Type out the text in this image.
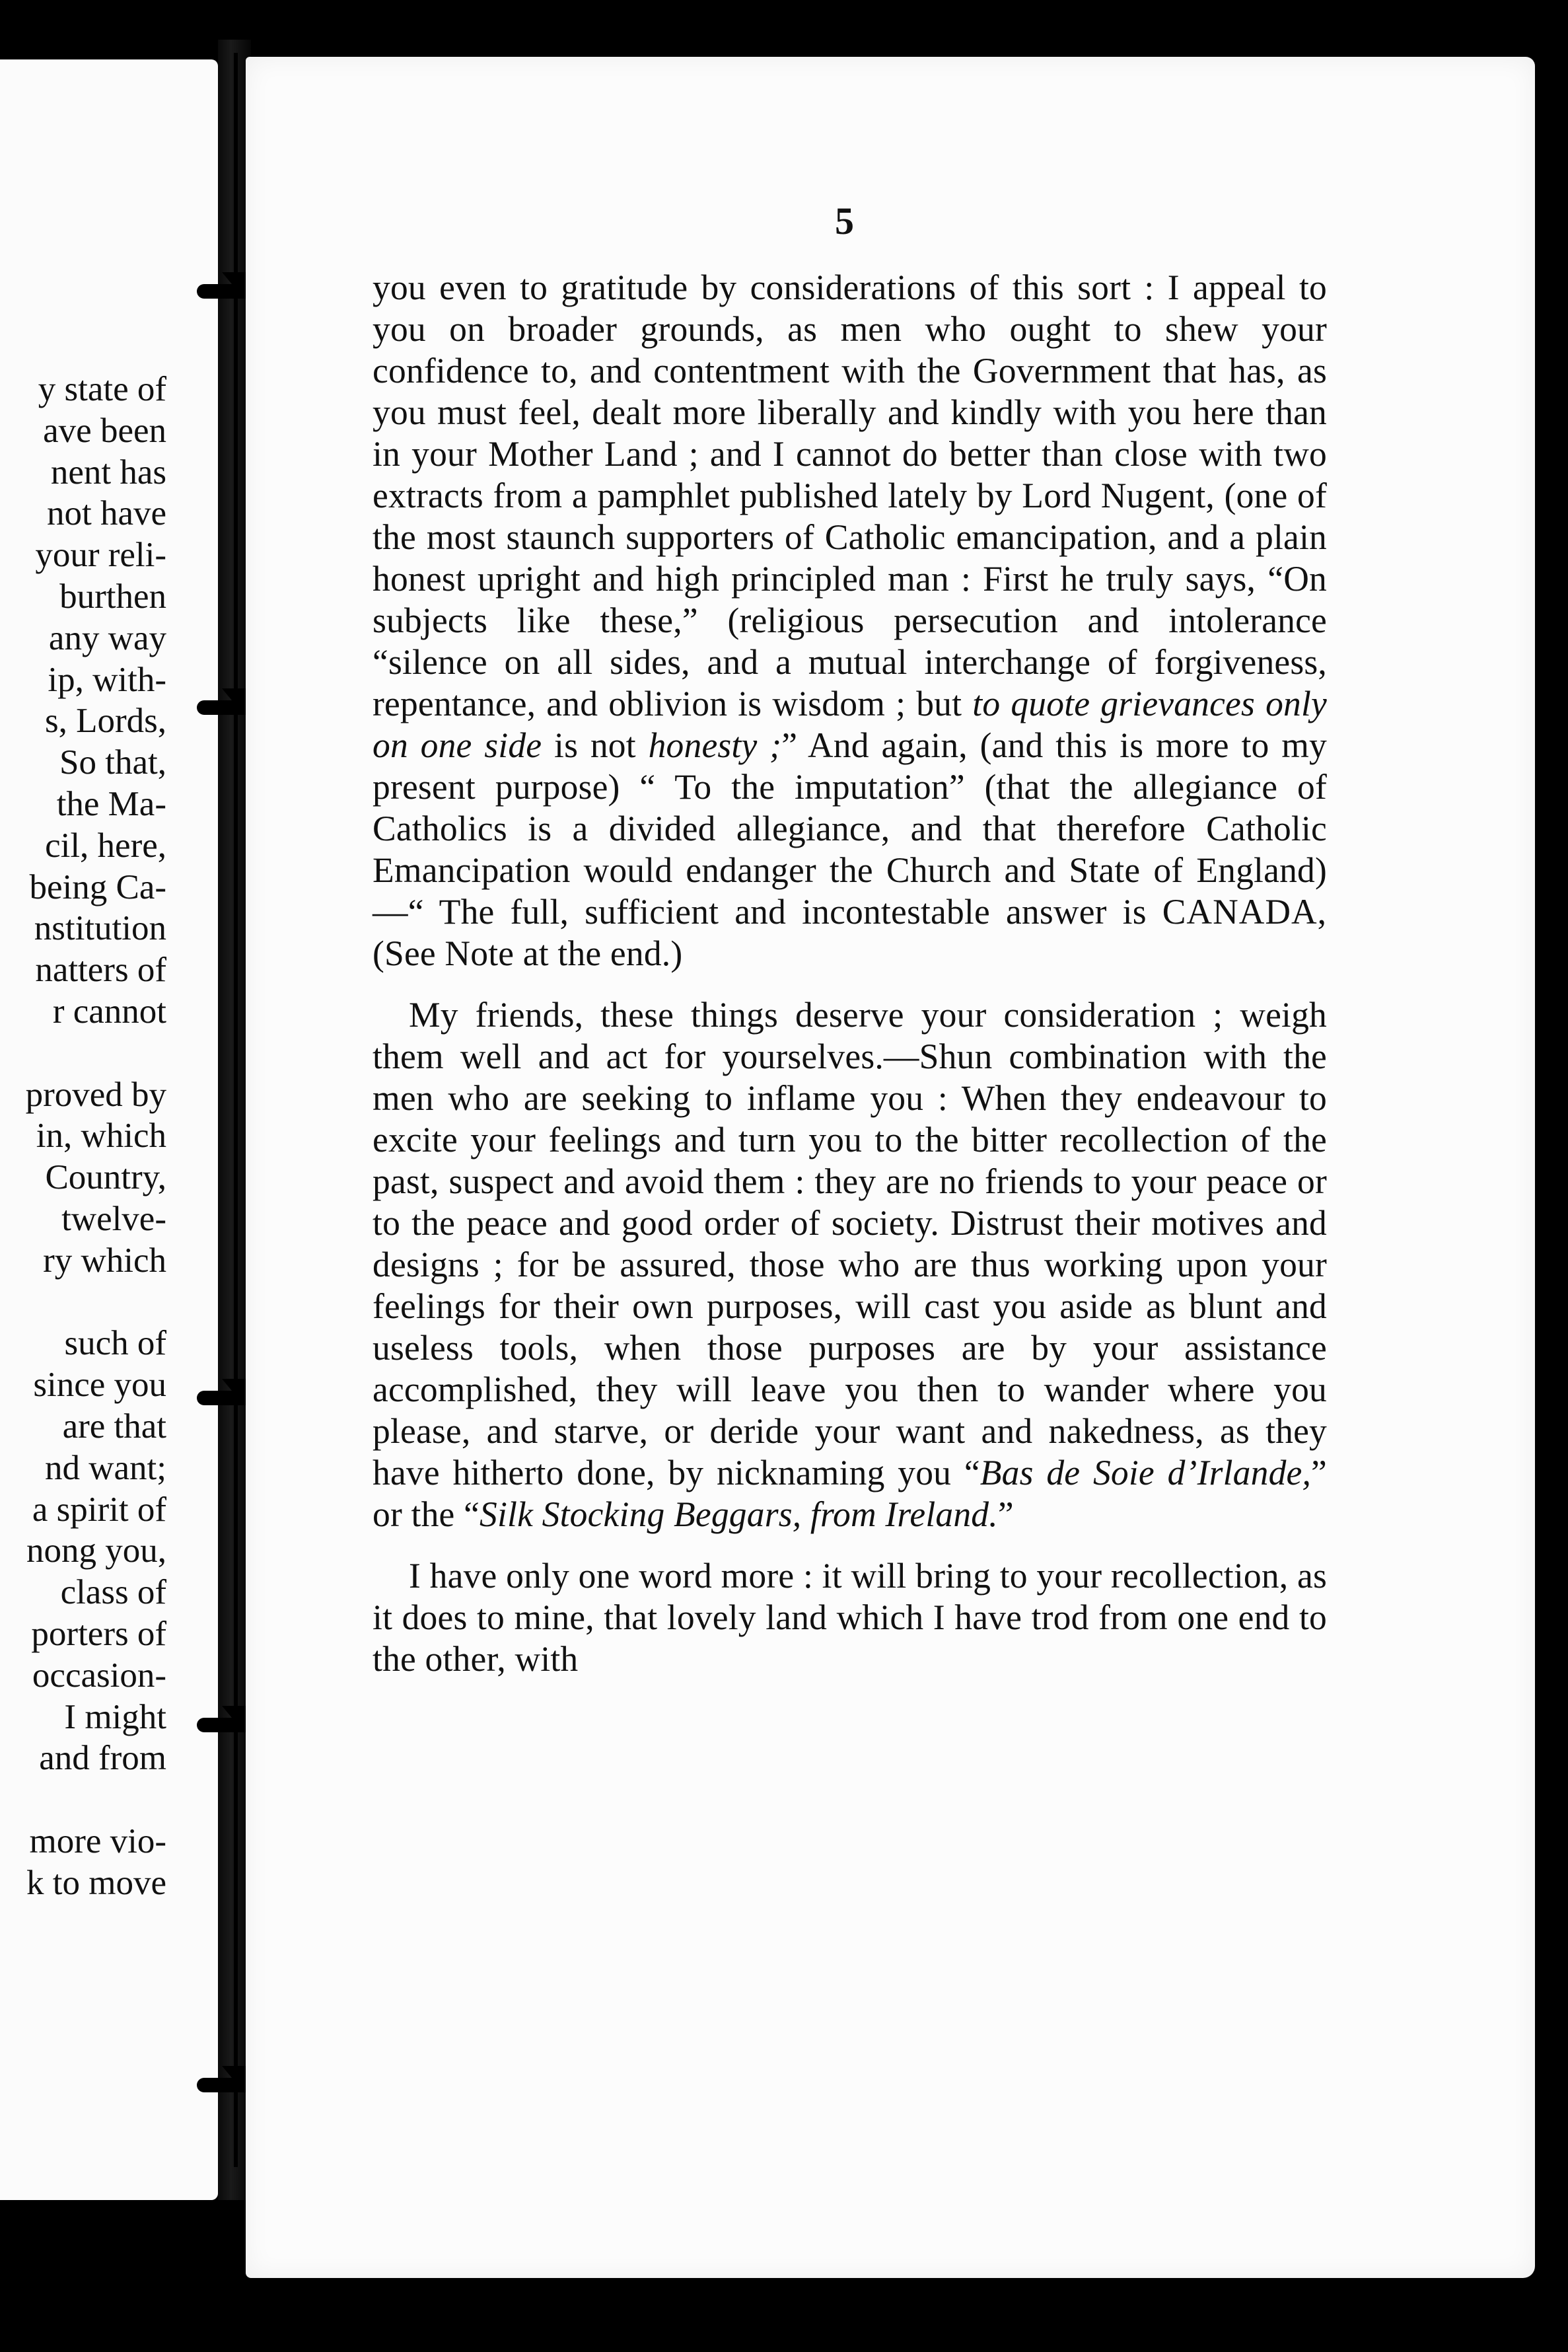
y state of
ave been
nent has
not have
your reli-
burthen
any way
ip, with-
s, Lords,
So that,
the Ma-
cil, here,
being Ca-
nstitution
natters of
r cannot
proved by
in, which
Country,
twelve-
ry which
such of
since you
are that
nd want;
a spirit of
nong you,
class of
porters of
occasion-
I might
and from
more vio-
k to move
5

you even to gratitude by considerations of this sort : I appeal to you on broader grounds, as men who ought to shew your confidence to, and contentment with the Government that has, as you must feel, dealt more liberally and kindly with you here than in your Mother Land ; and I cannot do better than close with two extracts from a pamphlet published lately by Lord Nugent, (one of the most staunch supporters of Catholic emancipation, and a plain honest upright and high principled man : First he truly says, “On subjects like these,” (religious persecution and intolerance “silence on all sides, and a mutual interchange of forgiveness, repentance, and oblivion is wisdom ; but to quote grievances only on one side is not honesty ;” And again, (and this is more to my present purpose) “ To the imputation” (that the allegiance of Catholics is a divided allegiance, and that therefore Catholic Emancipation would endanger the Church and State of England) —“ The full, sufficient and incontestable answer is CANADA, (See Note at the end.)

My friends, these things deserve your consideration ; weigh them well and act for yourselves.—Shun combination with the men who are seeking to inflame you : When they endeavour to excite your feelings and turn you to the bitter recollection of the past, suspect and avoid them : they are no friends to your peace or to the peace and good order of society. Distrust their motives and designs ; for be assured, those who are thus working upon your feelings for their own purposes, will cast you aside as blunt and useless tools, when those purposes are by your assistance accomplished, they will leave you then to wander where you please, and starve, or deride your want and nakedness, as they have hitherto done, by nicknaming you “Bas de Soie d’Irlande,” or the “Silk Stocking Beggars, from Ireland.”

I have only one word more : it will bring to your recollection, as it does to mine, that lovely land which I have trod from one end to the other, with
